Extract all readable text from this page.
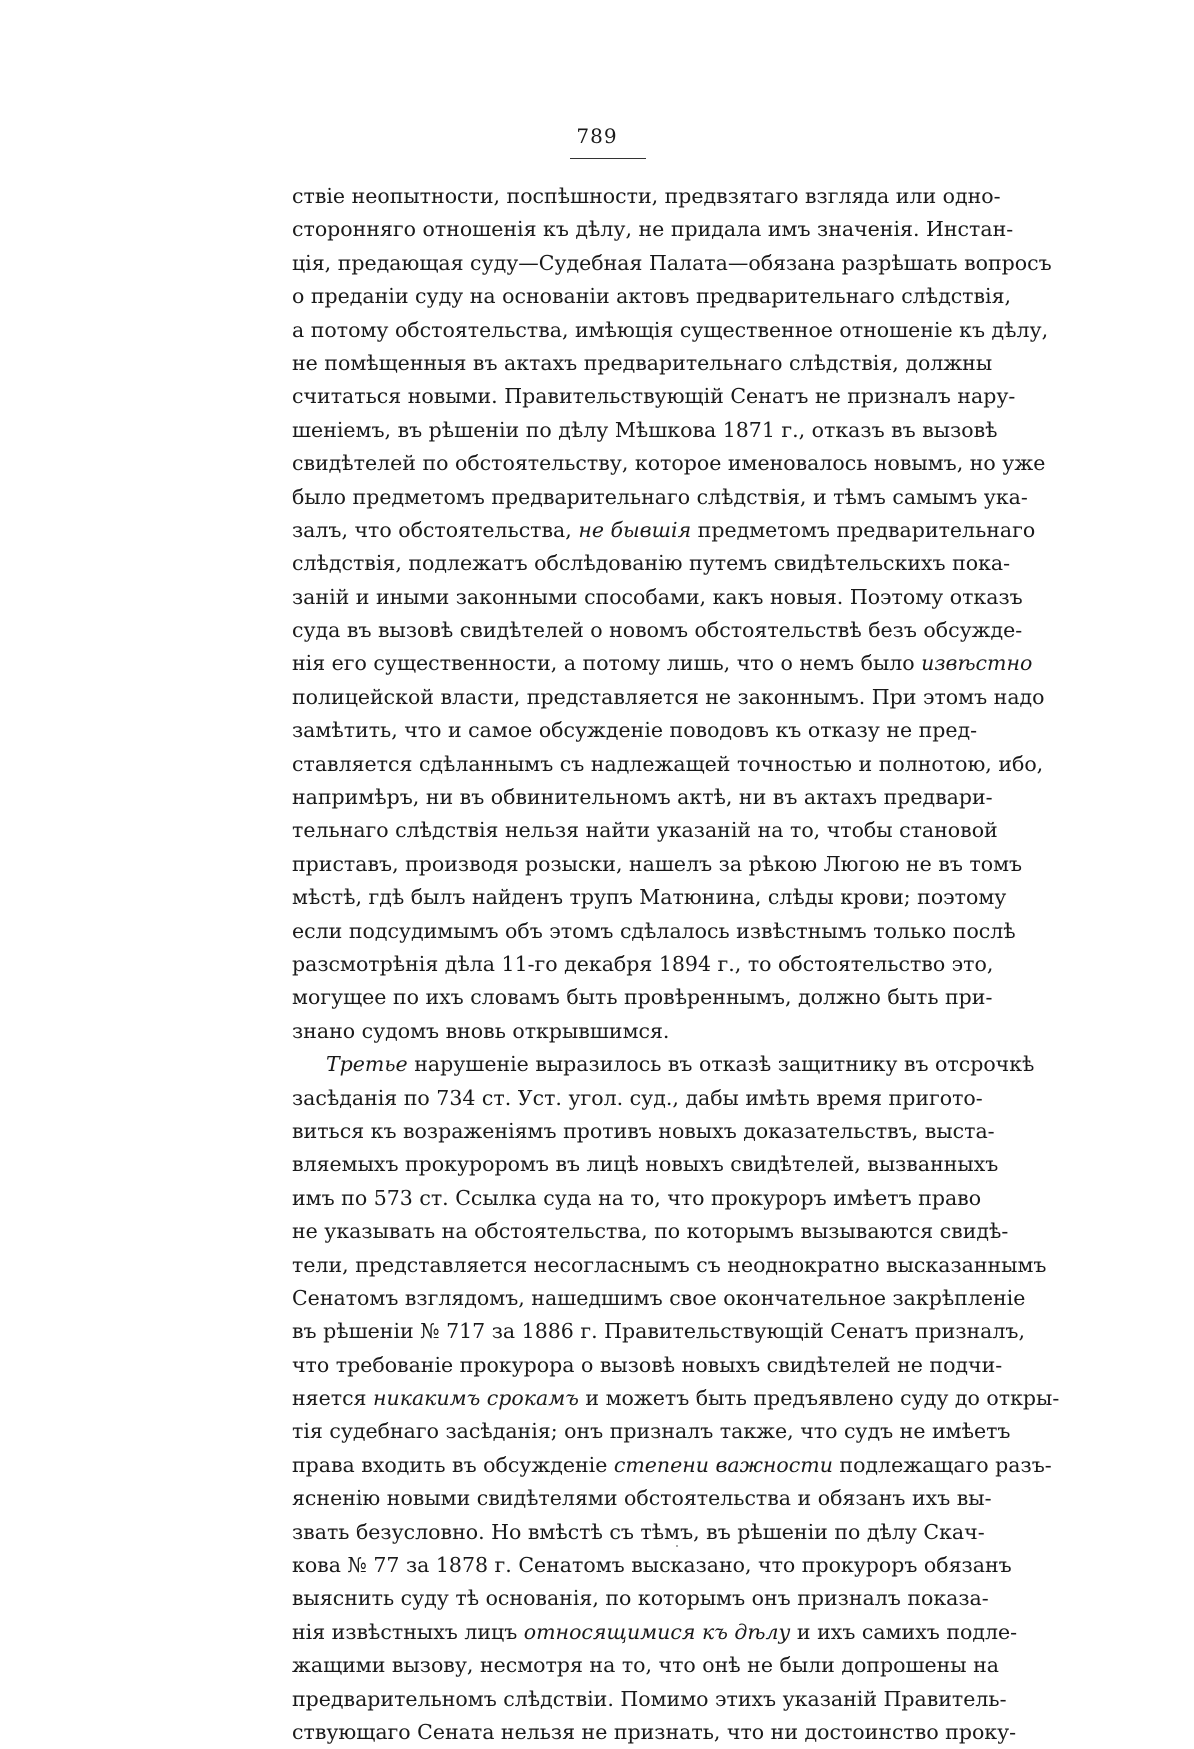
789
ствіе неопытности, поспѣшности, предвзятаго взгляда или одно-
сторонняго отношенія къ дѣлу, не придала имъ значенія. Инстан-
ція, предающая суду—Судебная Палата—обязана разрѣшать вопросъ
о преданіи суду на основаніи актовъ предварительнаго слѣдствія,
а потому обстоятельства, имѣющія существенное отношеніе къ дѣлу,
не помѣщенныя въ актахъ предварительнаго слѣдствія, должны
считаться новыми. Правительствующій Сенатъ не призналъ нару-
шеніемъ, въ рѣшеніи по дѣлу Мѣшкова 1871 г., отказъ въ вызовѣ
свидѣтелей по обстоятельству, которое именовалось новымъ, но уже
было предметомъ предварительнаго слѣдствія, и тѣмъ самымъ ука-
залъ, что обстоятельства, не бывшія предметомъ предварительнаго
слѣдствія, подлежатъ обслѣдованію путемъ свидѣтельскихъ пока-
заній и иными законными способами, какъ новыя. Поэтому отказъ
суда въ вызовѣ свидѣтелей о новомъ обстоятельствѣ безъ обсужде-
нія его существенности, а потому лишь, что о немъ было извѣстно
полицейской власти, представляется не законнымъ. При этомъ надо
замѣтить, что и самое обсужденіе поводовъ къ отказу не пред-
ставляется сдѣланнымъ съ надлежащей точностью и полнотою, ибо,
напримѣръ, ни въ обвинительномъ актѣ, ни въ актахъ предвари-
тельнаго слѣдствія нельзя найти указаній на то, чтобы становой
приставъ, производя розыски, нашелъ за рѣкою Люгою не въ томъ
мѣстѣ, гдѣ былъ найденъ трупъ Матюнина, слѣды крови; поэтому
если подсудимымъ объ этомъ сдѣлалось извѣстнымъ только послѣ
разсмотрѣнія дѣла 11-го декабря 1894 г., то обстоятельство это,
могущее по ихъ словамъ быть провѣреннымъ, должно быть при-
знано судомъ вновь открывшимся.
Третье нарушеніе выразилось въ отказѣ защитнику въ отсрочкѣ
засѣданія по 734 ст. Уст. угол. суд., дабы имѣть время пригото-
виться къ возраженіямъ противъ новыхъ доказательствъ, выста-
вляемыхъ прокуроромъ въ лицѣ новыхъ свидѣтелей, вызванныхъ
имъ по 573 ст. Ссылка суда на то, что прокуроръ имѣетъ право
не указывать на обстоятельства, по которымъ вызываются свидѣ-
тели, представляется несогласнымъ съ неоднократно высказаннымъ
Сенатомъ взглядомъ, нашедшимъ свое окончательное закрѣпленіе
въ рѣшеніи № 717 за 1886 г. Правительствующій Сенатъ призналъ,
что требованіе прокурора о вызовѣ новыхъ свидѣтелей не подчи-
няется никакимъ срокамъ и можетъ быть предъявлено суду до откры-
тія судебнаго засѣданія; онъ призналъ также, что судъ не имѣетъ
права входить въ обсужденіе степени важности подлежащаго разъ-
ясненію новыми свидѣтелями обстоятельства и обязанъ ихъ вы-
звать безусловно. Но вмѣстѣ съ тѣмъ, въ рѣшеніи по дѣлу Скач-
кова № 77 за 1878 г. Сенатомъ высказано, что прокуроръ обязанъ
выяснить суду тѣ основанія, по которымъ онъ призналъ показа-
нія извѣстныхъ лицъ относящимися къ дѣлу и ихъ самихъ подле-
жащими вызову, несмотря на то, что онѣ не были допрошены на
предварительномъ слѣдствіи. Помимо этихъ указаній Правитель-
ствующаго Сената нельзя не признать, что ни достоинство проку-
